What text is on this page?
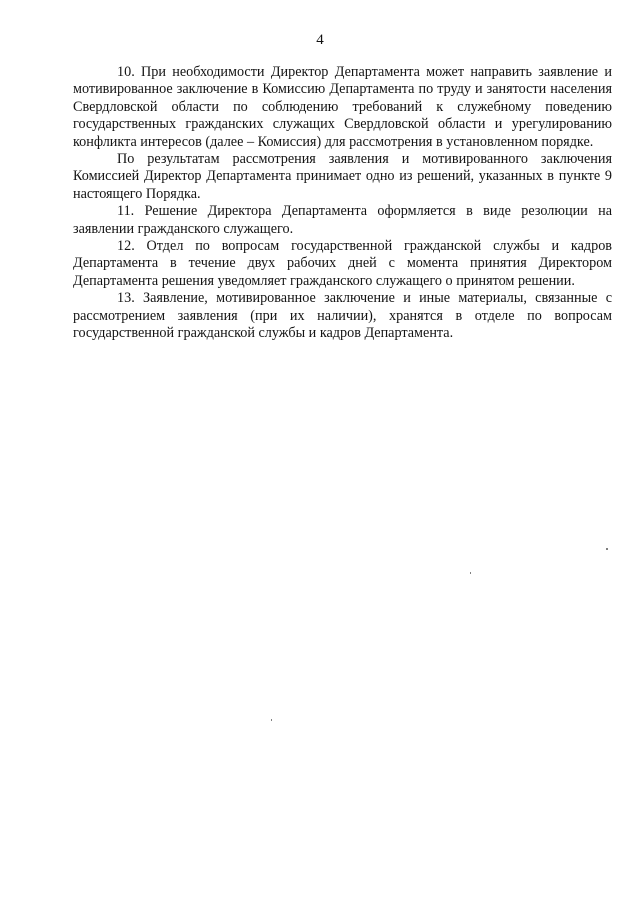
4

10. При необходимости Директор Департамента может направить заявление и мотивированное заключение в Комиссию Департамента по труду и занятости населения Свердловской области по соблюдению требований к служебному поведению государственных гражданских служащих Свердловской области и урегулированию конфликта интересов (далее – Комиссия) для рассмотрения в установленном порядке.

По результатам рассмотрения заявления и мотивированного заключения Комиссией Директор Департамента принимает одно из решений, указанных в пункте 9 настоящего Порядка.

11. Решение Директора Департамента оформляется в виде резолюции на заявлении гражданского служащего.

12. Отдел по вопросам государственной гражданской службы и кадров Департамента в течение двух рабочих дней с момента принятия Директором Департамента решения уведомляет гражданского служащего о принятом решении.

13. Заявление, мотивированное заключение и иные материалы, связанные с рассмотрением заявления (при их наличии), хранятся в отделе по вопросам государственной гражданской службы и кадров Департамента.
